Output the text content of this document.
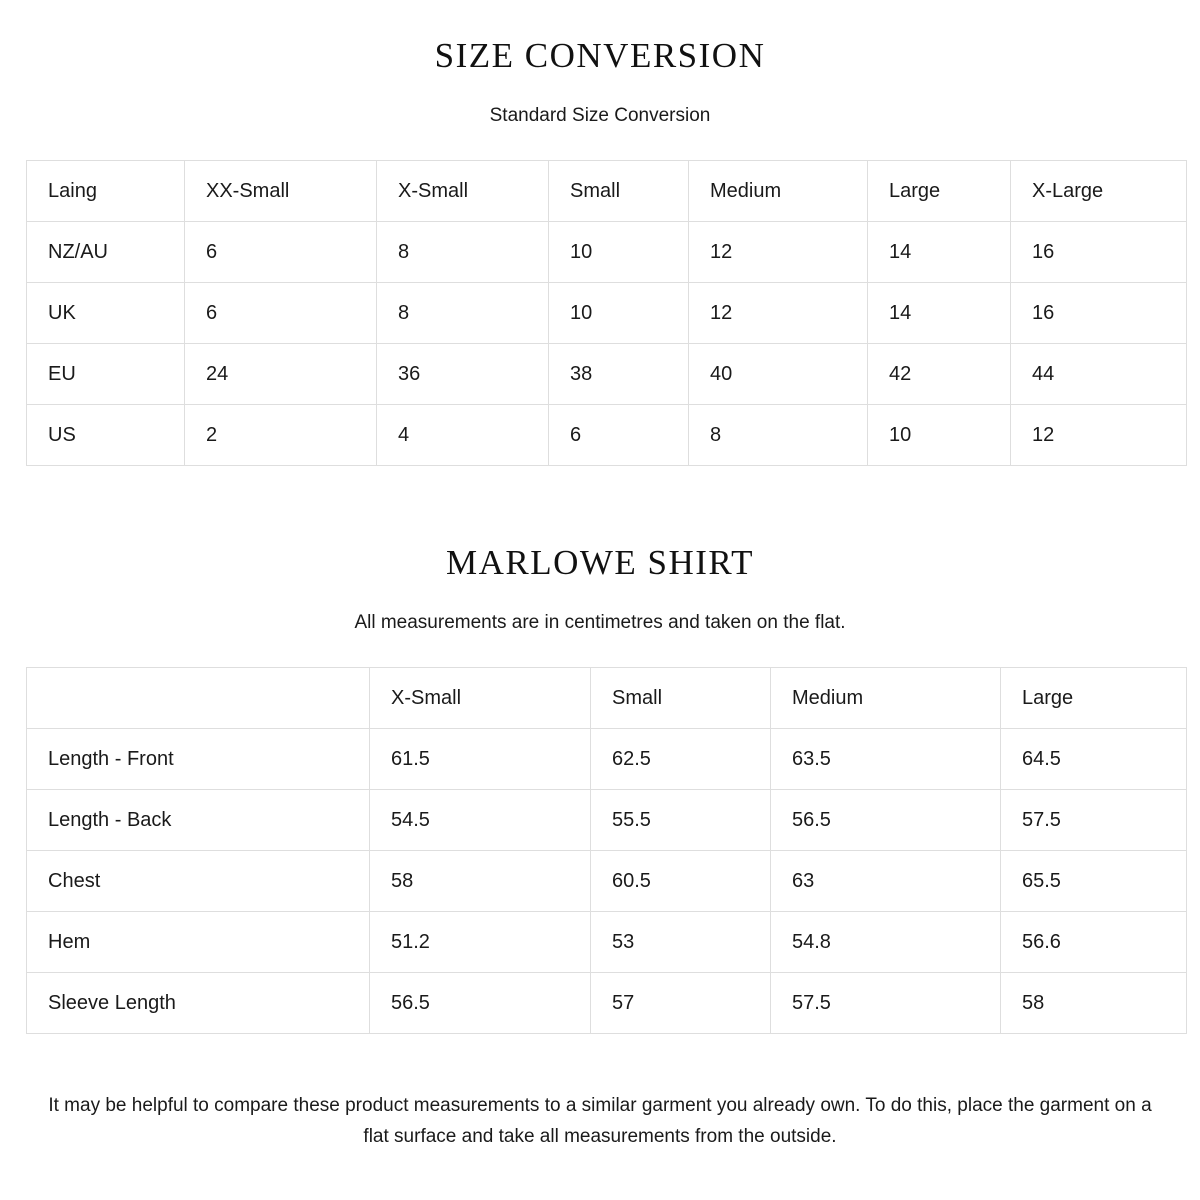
SIZE CONVERSION

Standard Size Conversion

Laing	XX-Small	X-Small	Small	Medium	Large	X-Large
NZ/AU	6	8	10	12	14	16
UK	6	8	10	12	14	16
EU	24	36	38	40	42	44
US	2	4	6	8	10	12
MARLOWE SHIRT

All measurements are in centimetres and taken on the flat.

	X-Small	Small	Medium	Large
Length - Front	61.5	62.5	63.5	64.5
Length - Back	54.5	55.5	56.5	57.5
Chest	58	60.5	63	65.5
Hem	51.2	53	54.8	56.6
Sleeve Length	56.5	57	57.5	58

It may be helpful to compare these product measurements to a similar garment you already own. To do this, place the garment on a flat surface and take all measurements from the outside.
